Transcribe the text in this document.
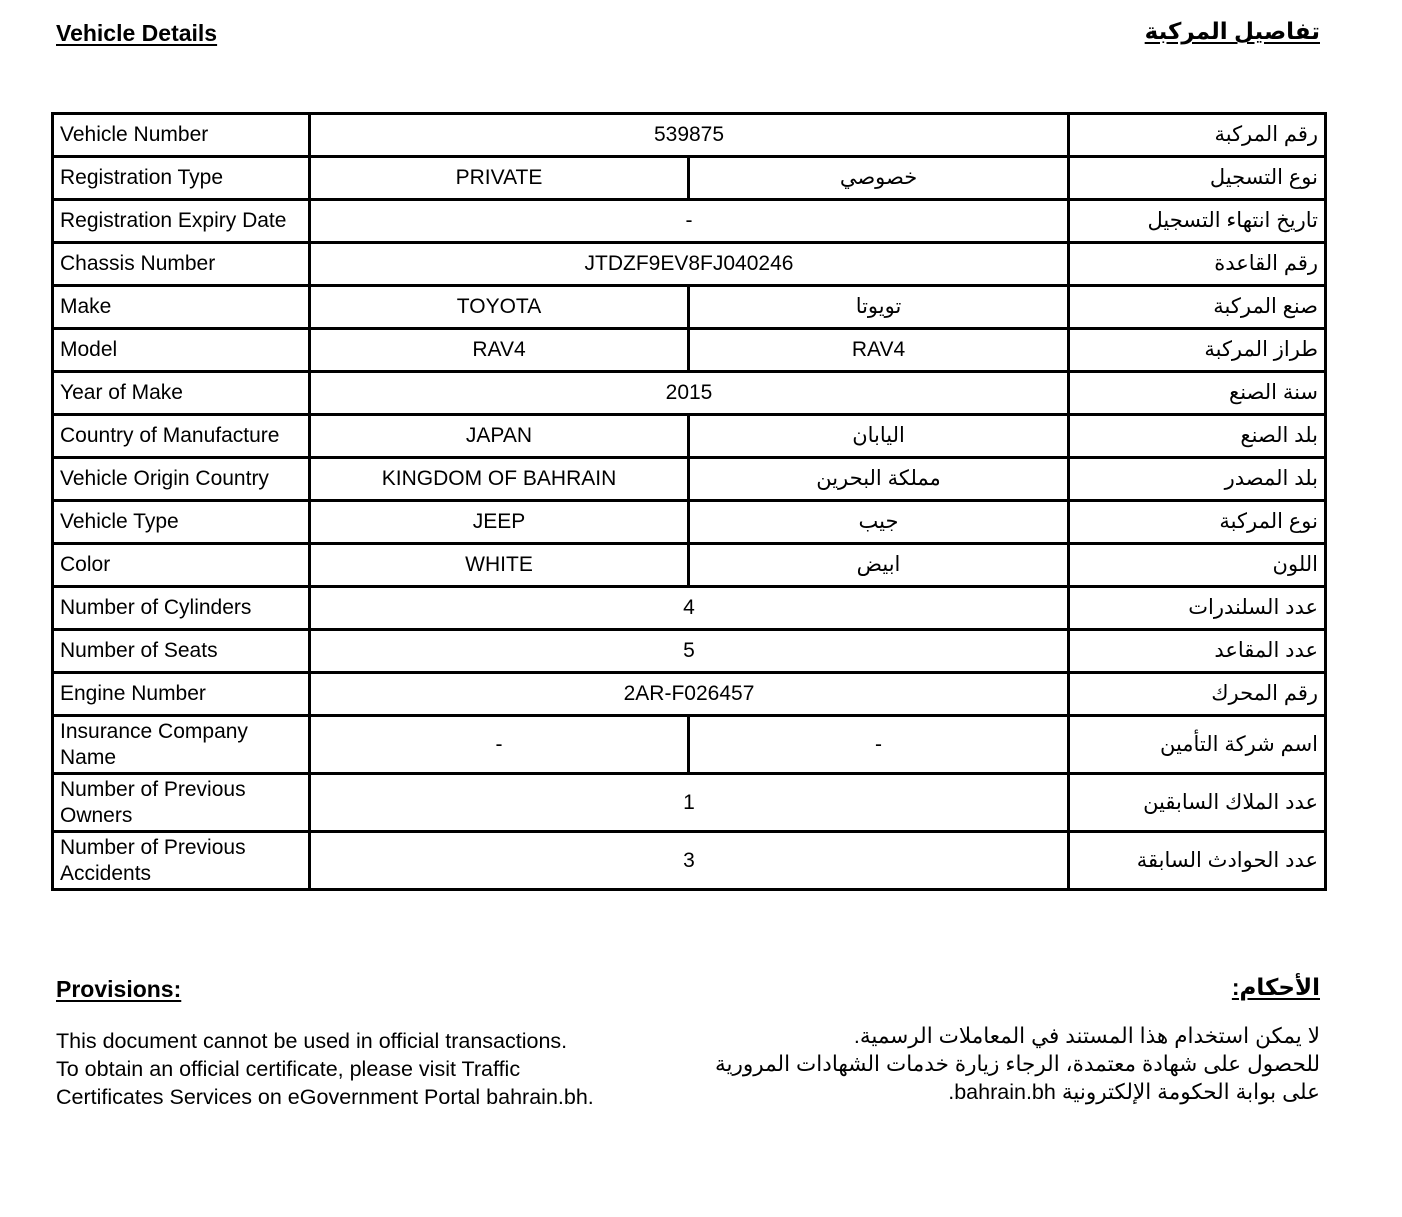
Vehicle Details	تفاصيل المركبة
Vehicle Number	539875		رقم المركبة
Registration Type	PRIVATE	خصوصي	نوع التسجيل
Registration Expiry Date	-		تاريخ انتهاء التسجيل
Chassis Number	JTDZF9EV8FJ040246		رقم القاعدة
Make	TOYOTA	تويوتا	صنع المركبة
Model	RAV4	RAV4	طراز المركبة
Year of Make	2015		سنة الصنع
Country of Manufacture	JAPAN	اليابان	بلد الصنع
Vehicle Origin Country	KINGDOM OF BAHRAIN	مملكة البحرين	بلد المصدر
Vehicle Type	JEEP	جيب	نوع المركبة
Color	WHITE	ابيض	اللون
Number of Cylinders	4		عدد السلندرات
Number of Seats	5		عدد المقاعد
Engine Number	2AR-F026457		رقم المحرك
Insurance Company Name	-	-	اسم شركة التأمين
Number of Previous Owners	1		عدد الملاك السابقين
Number of Previous Accidents	3		عدد الحوادث السابقة
Provisions:	الأحكام:
This document cannot be used in official transactions.
To obtain an official certificate, please visit Traffic
Certificates Services on eGovernment Portal bahrain.bh.
لا يمكن استخدام هذا المستند في المعاملات الرسمية.
للحصول على شهادة معتمدة، الرجاء زيارة خدمات الشهادات المرورية
على بوابة الحكومة الإلكترونية bahrain.bh.
